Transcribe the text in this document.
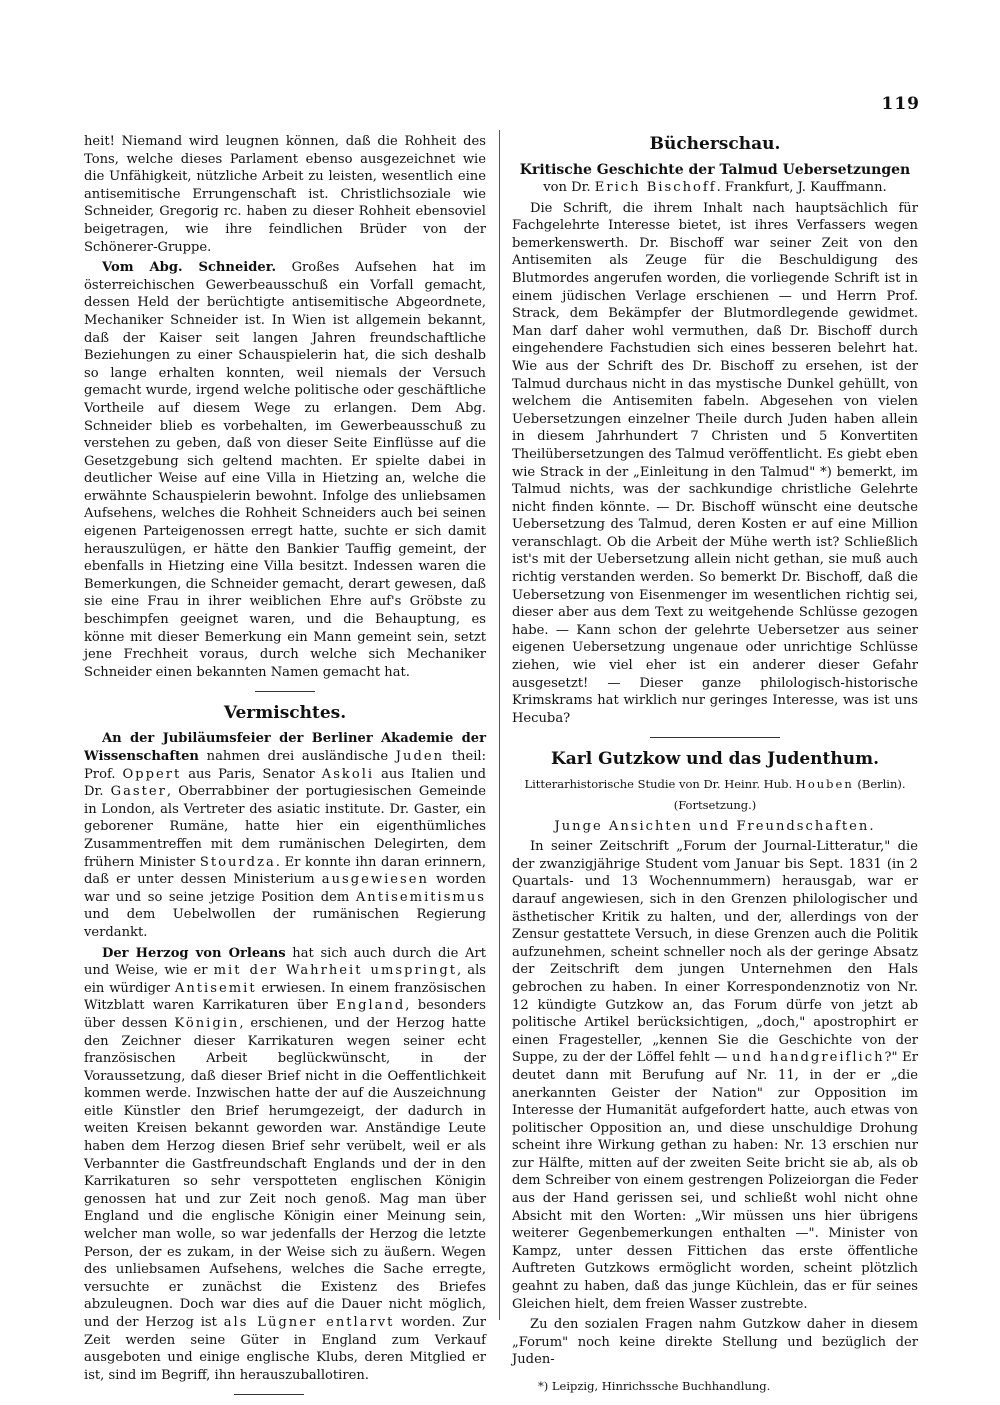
119

heit! Niemand wird leugnen können, daß die Rohheit des Tons, welche dieses Parlament ebenso ausgezeichnet wie die Unfähigkeit, nützliche Arbeit zu leisten, wesentlich eine antisemitische Errungenschaft ist. Christlichsoziale wie Schneider, Gregorig rc. haben zu dieser Rohheit ebensoviel beigetragen, wie ihre feindlichen Brüder von der Schönerer-Gruppe.

Vom Abg. Schneider. Großes Aufsehen hat im österreichischen Gewerbeausschuß ein Vorfall gemacht, dessen Held der berüchtigte antisemitische Abgeordnete, Mechaniker Schneider ist. In Wien ist allgemein bekannt, daß der Kaiser seit langen Jahren freundschaftliche Beziehungen zu einer Schauspielerin hat, die sich deshalb so lange erhalten konnten, weil niemals der Versuch gemacht wurde, irgend welche politische oder geschäftliche Vortheile auf diesem Wege zu erlangen. Dem Abg. Schneider blieb es vorbehalten, im Gewerbeausschuß zu verstehen zu geben, daß von dieser Seite Einflüsse auf die Gesetzgebung sich geltend machten. Er spielte dabei in deutlicher Weise auf eine Villa in Hietzing an, welche die erwähnte Schauspielerin bewohnt. Infolge des unliebsamen Aufsehens, welches die Rohheit Schneiders auch bei seinen eigenen Parteigenossen erregt hatte, suchte er sich damit herauszulügen, er hätte den Bankier Tauffig gemeint, der ebenfalls in Hietzing eine Villa besitzt. Indessen waren die Bemerkungen, die Schneider gemacht, derart gewesen, daß sie eine Frau in ihrer weiblichen Ehre auf's Gröbste zu beschimpfen geeignet waren, und die Behauptung, es könne mit dieser Bemerkung ein Mann gemeint sein, setzt jene Frechheit voraus, durch welche sich Mechaniker Schneider einen bekannten Namen gemacht hat.

Vermischtes.

An der Jubiläumsfeier der Berliner Akademie der Wissenschaften nahmen drei ausländische Juden theil: Prof. Oppert aus Paris, Senator Askoli aus Italien und Dr. Gaster, Oberrabbiner der portugiesischen Gemeinde in London, als Vertreter des asiatic institute. Dr. Gaster, ein geborener Rumäne, hatte hier ein eigenthümliches Zusammentreffen mit dem rumänischen Delegirten, dem frühern Minister Stourdza. Er konnte ihn daran erinnern, daß er unter dessen Ministerium ausgewiesen worden war und so seine jetzige Position dem Antisemitismus und dem Uebelwollen der rumänischen Regierung verdankt.

Der Herzog von Orleans hat sich auch durch die Art und Weise, wie er mit der Wahrheit umspringt, als ein würdiger Antisemit erwiesen. In einem französischen Witzblatt waren Karrikaturen über England, besonders über dessen Königin, erschienen, und der Herzog hatte den Zeichner dieser Karrikaturen wegen seiner echt französischen Arbeit beglückwünscht, in der Voraussetzung, daß dieser Brief nicht in die Oeffentlichkeit kommen werde. Inzwischen hatte der auf die Auszeichnung eitle Künstler den Brief herumgezeigt, der dadurch in weiten Kreisen bekannt geworden war. Anständige Leute haben dem Herzog diesen Brief sehr verübelt, weil er als Verbannter die Gastfreundschaft Englands und der in den Karrikaturen so sehr verspotteten englischen Königin genossen hat und zur Zeit noch genoß. Mag man über England und die englische Königin einer Meinung sein, welcher man wolle, so war jedenfalls der Herzog die letzte Person, der es zukam, in der Weise sich zu äußern. Wegen des unliebsamen Aufsehens, welches die Sache erregte, versuchte er zunächst die Existenz des Briefes abzuleugnen. Doch war dies auf die Dauer nicht möglich, und der Herzog ist als Lügner entlarvt worden. Zur Zeit werden seine Güter in England zum Verkauf ausgeboten und einige englische Klubs, deren Mitglied er ist, sind im Begriff, ihn herauszuballotiren.

Bücherschau.
Kritische Geschichte der Talmud Uebersetzungen

von Dr. Erich Bischoff. Frankfurt, J. Kauffmann.

Die Schrift, die ihrem Inhalt nach hauptsächlich für Fachgelehrte Interesse bietet, ist ihres Verfassers wegen bemerkenswerth. Dr. Bischoff war seiner Zeit von den Antisemiten als Zeuge für die Beschuldigung des Blutmordes angerufen worden, die vorliegende Schrift ist in einem jüdischen Verlage erschienen — und Herrn Prof. Strack, dem Bekämpfer der Blutmordlegende gewidmet. Man darf daher wohl vermuthen, daß Dr. Bischoff durch eingehendere Fachstudien sich eines besseren belehrt hat. Wie aus der Schrift des Dr. Bischoff zu ersehen, ist der Talmud durchaus nicht in das mystische Dunkel gehüllt, von welchem die Antisemiten fabeln. Abgesehen von vielen Uebersetzungen einzelner Theile durch Juden haben allein in diesem Jahrhundert 7 Christen und 5 Konvertiten Theilübersetzungen des Talmud veröffentlicht. Es giebt eben wie Strack in der „Einleitung in den Talmud" *) bemerkt, im Talmud nichts, was der sachkundige christliche Gelehrte nicht finden könnte. — Dr. Bischoff wünscht eine deutsche Uebersetzung des Talmud, deren Kosten er auf eine Million veranschlagt. Ob die Arbeit der Mühe werth ist? Schließlich ist's mit der Uebersetzung allein nicht gethan, sie muß auch richtig verstanden werden. So bemerkt Dr. Bischoff, daß die Uebersetzung von Eisenmenger im wesentlichen richtig sei, dieser aber aus dem Text zu weitgehende Schlüsse gezogen habe. — Kann schon der gelehrte Uebersetzer aus seiner eigenen Uebersetzung ungenaue oder unrichtige Schlüsse ziehen, wie viel eher ist ein anderer dieser Gefahr ausgesetzt! — Dieser ganze philologisch-historische Krimskrams hat wirklich nur geringes Interesse, was ist uns Hecuba?

Karl Gutzkow und das Judenthum.

Litterarhistorische Studie von Dr. Heinr. Hub. Houben (Berlin).

(Fortsetzung.)

Junge Ansichten und Freundschaften.

In seiner Zeitschrift „Forum der Journal-Litteratur," die der zwanzigjährige Student vom Januar bis Sept. 1831 (in 2 Quartals- und 13 Wochennummern) herausgab, war er darauf angewiesen, sich in den Grenzen philologischer und ästhetischer Kritik zu halten, und der, allerdings von der Zensur gestattete Versuch, in diese Grenzen auch die Politik aufzunehmen, scheint schneller noch als der geringe Absatz der Zeitschrift dem jungen Unternehmen den Hals gebrochen zu haben. In einer Korrespondenznotiz von Nr. 12 kündigte Gutzkow an, das Forum dürfe von jetzt ab politische Artikel berücksichtigen, „doch," apostrophirt er einen Fragesteller, „kennen Sie die Geschichte von der Suppe, zu der der Löffel fehlt — und handgreiflich?" Er deutet dann mit Berufung auf Nr. 11, in der er „die anerkannten Geister der Nation" zur Opposition im Interesse der Humanität aufgefordert hatte, auch etwas von politischer Opposition an, und diese unschuldige Drohung scheint ihre Wirkung gethan zu haben: Nr. 13 erschien nur zur Hälfte, mitten auf der zweiten Seite bricht sie ab, als ob dem Schreiber von einem gestrengen Polizeiorgan die Feder aus der Hand gerissen sei, und schließt wohl nicht ohne Absicht mit den Worten: „Wir müssen uns hier übrigens weiterer Gegenbemerkungen enthalten —". Minister von Kampz, unter dessen Fittichen das erste öffentliche Auftreten Gutzkows ermöglicht worden, scheint plötzlich geahnt zu haben, daß das junge Küchlein, das er für seines Gleichen hielt, dem freien Wasser zustrebte.

Zu den sozialen Fragen nahm Gutzkow daher in diesem „Forum" noch keine direkte Stellung und bezüglich der Juden-

*) Leipzig, Hinrichssche Buchhandlung.
